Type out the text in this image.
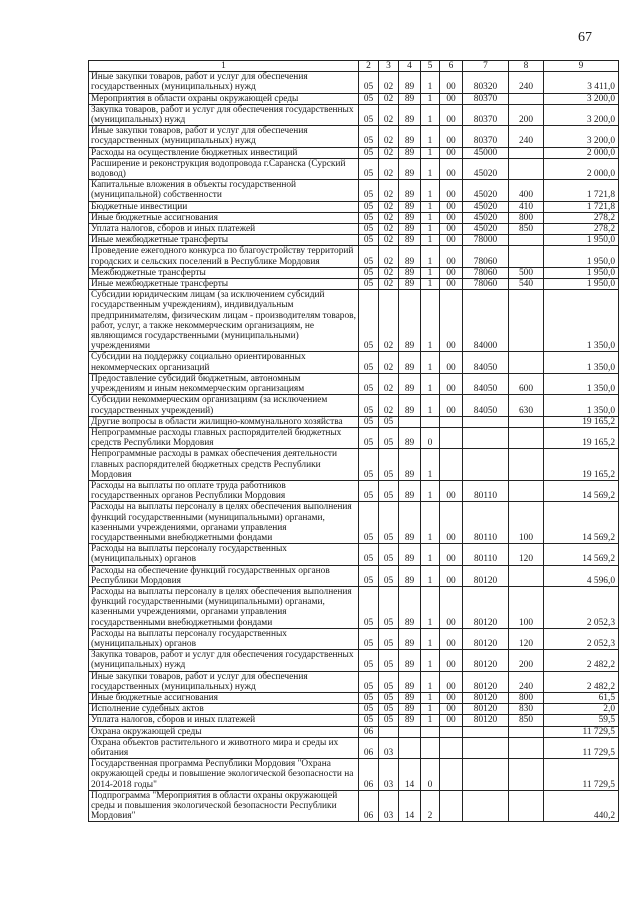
67
1	2	3	4	5	6	7	8	9
Иные закупки товаров, работ и услуг для обеспечения государственных (муниципальных) нужд	05	02	89	1	00	80320	240	3 411,0
Мероприятия в области охраны окружающей среды	05	02	89	1	00	80370		3 200,0
Закупка товаров, работ и услуг для обеспечения государственных (муниципальных) нужд	05	02	89	1	00	80370	200	3 200,0
Иные закупки товаров, работ и услуг для обеспечения государственных (муниципальных) нужд	05	02	89	1	00	80370	240	3 200,0
Расходы на осуществление бюджетных инвестиций	05	02	89	1	00	45000		2 000,0
Расширение и реконструкция водопровода г.Саранска (Сурский водовод)	05	02	89	1	00	45020		2 000,0
Капитальные вложения в объекты государственной (муниципальной) собственности	05	02	89	1	00	45020	400	1 721,8
Бюджетные инвестиции	05	02	89	1	00	45020	410	1 721,8
Иные бюджетные ассигнования	05	02	89	1	00	45020	800	278,2
Уплата налогов, сборов и иных платежей	05	02	89	1	00	45020	850	278,2
Иные межбюджетные трансферты	05	02	89	1	00	78000		1 950,0
Проведение ежегодного конкурса по благоустройству территорий городских и сельских поселений в Республике Мордовия	05	02	89	1	00	78060		1 950,0
Межбюджетные трансферты	05	02	89	1	00	78060	500	1 950,0
Иные межбюджетные трансферты	05	02	89	1	00	78060	540	1 950,0
Субсидии юридическим лицам (за исключением субсидий государственным учреждениям), индивидуальным предпринимателям, физическим лицам - производителям товаров, работ, услуг, а также некоммерческим организациям, не являющимся государственными (муниципальными) учреждениями	05	02	89	1	00	84000		1 350,0
Субсидии на поддержку социально ориентированных некоммерческих организаций	05	02	89	1	00	84050		1 350,0
Предоставление субсидий бюджетным, автономным учреждениям и иным некоммерческим организациям	05	02	89	1	00	84050	600	1 350,0
Субсидии некоммерческим организациям (за исключением государственных учреждений)	05	02	89	1	00	84050	630	1 350,0
Другие вопросы в области жилищно-коммунального хозяйства	05	05						19 165,2
Непрограммные расходы главных распорядителей бюджетных средств Республики Мордовия	05	05	89	0				19 165,2
Непрограммные расходы в рамках обеспечения деятельности главных распорядителей бюджетных средств Республики Мордовия	05	05	89	1				19 165,2
Расходы на выплаты по оплате труда работников государственных органов Республики Мордовия	05	05	89	1	00	80110		14 569,2
Расходы на выплаты персоналу в целях обеспечения выполнения функций государственными (муниципальными) органами, казенными учреждениями, органами управления государственными внебюджетными фондами	05	05	89	1	00	80110	100	14 569,2
Расходы на выплаты персоналу государственных (муниципальных) органов	05	05	89	1	00	80110	120	14 569,2
Расходы на обеспечение функций государственных органов Республики Мордовия	05	05	89	1	00	80120		4 596,0
Расходы на выплаты персоналу в целях обеспечения выполнения функций государственными (муниципальными) органами, казенными учреждениями, органами управления государственными внебюджетными фондами	05	05	89	1	00	80120	100	2 052,3
Расходы на выплаты персоналу государственных (муниципальных) органов	05	05	89	1	00	80120	120	2 052,3
Закупка товаров, работ и услуг для обеспечения государственных (муниципальных) нужд	05	05	89	1	00	80120	200	2 482,2
Иные закупки товаров, работ и услуг для обеспечения государственных (муниципальных) нужд	05	05	89	1	00	80120	240	2 482,2
Иные бюджетные ассигнования	05	05	89	1	00	80120	800	61,5
Исполнение судебных актов	05	05	89	1	00	80120	830	2,0
Уплата налогов, сборов и иных платежей	05	05	89	1	00	80120	850	59,5
Охрана окружающей среды	06							11 729,5
Охрана объектов растительного и животного мира и среды их обитания	06	03						11 729,5
Государственная программа Республики Мордовия "Охрана окружающей среды и повышение экологической безопасности на 2014-2018 годы"	06	03	14	0				11 729,5
Подпрограмма "Мероприятия в области охраны окружающей среды и повышения экологической безопасности Республики Мордовия"	06	03	14	2				440,2
